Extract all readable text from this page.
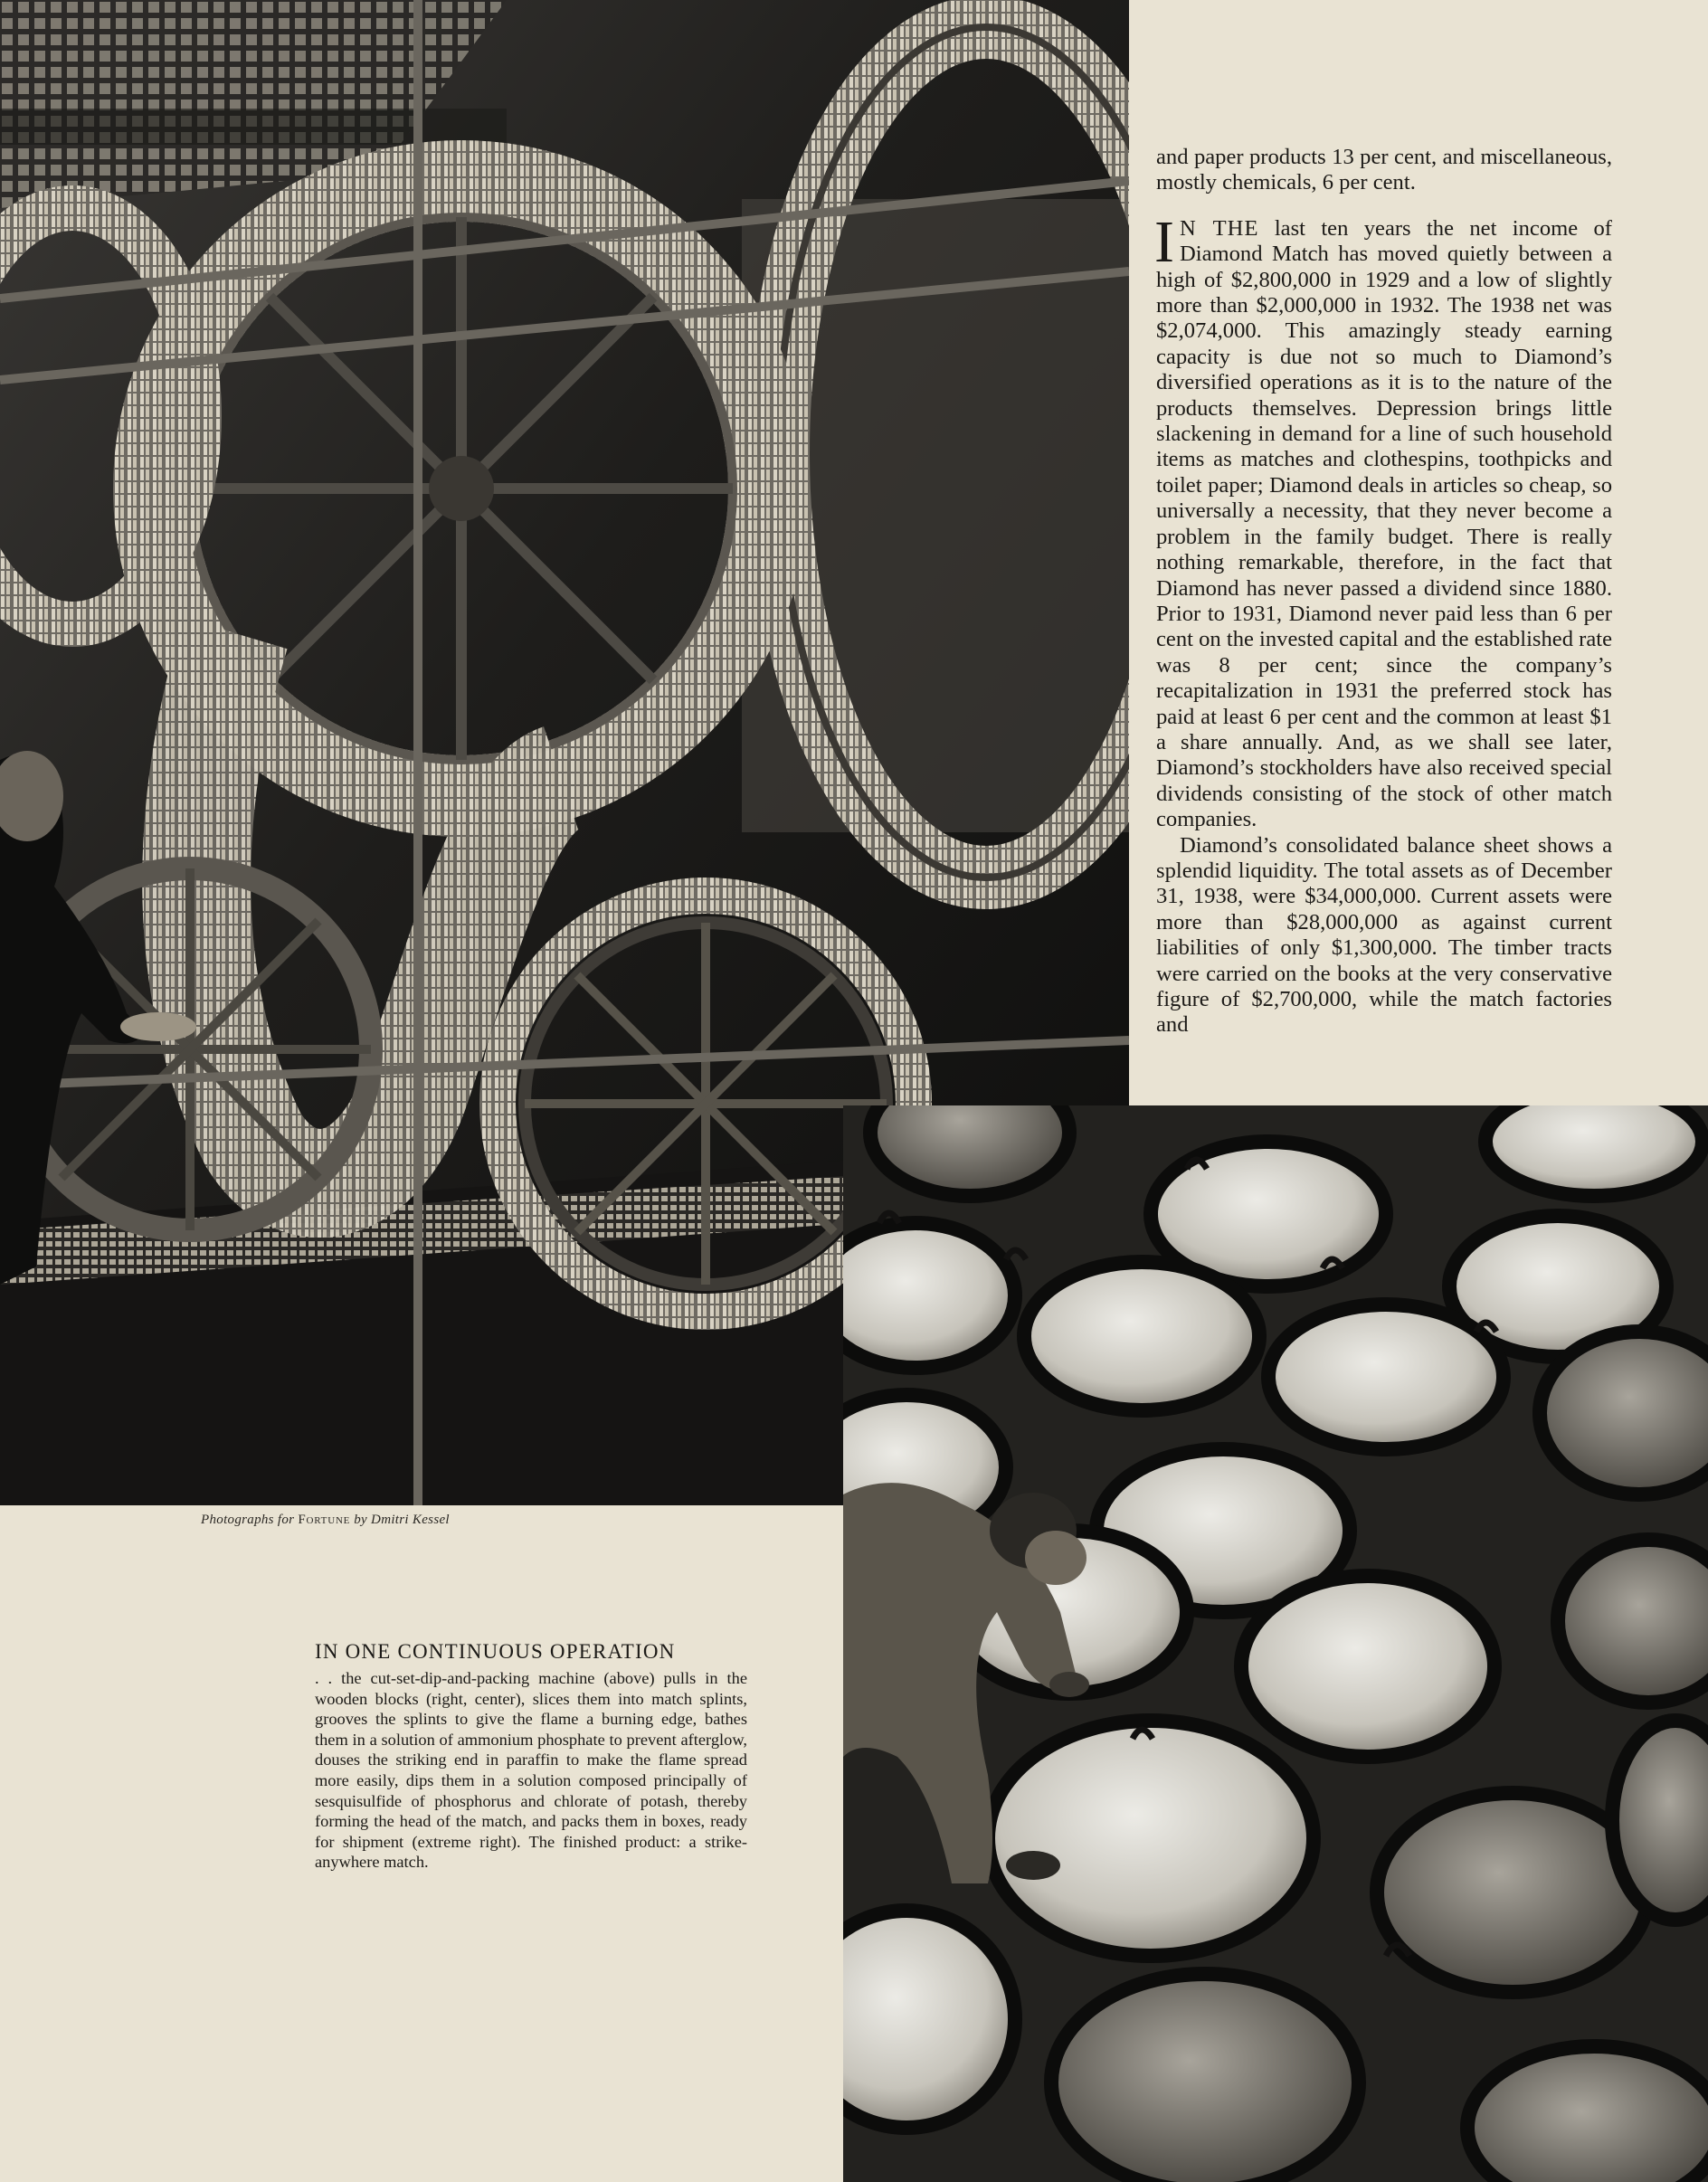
Photographs for Fortune by Dmitri Kessel

and paper products 13 per cent, and miscellaneous, mostly chemicals, 6 per cent.

I N THE last ten years the net income of Diamond Match has moved quietly between a high of $2,800,000 in 1929 and a low of slightly more than $2,000,000 in 1932. The 1938 net was $2,074,000. This amazingly steady earning capacity is due not so much to Diamond’s diversified operations as it is to the nature of the products themselves. Depression brings little slackening in demand for a line of such household items as matches and clothespins, toothpicks and toilet paper; Diamond deals in articles so cheap, so universally a necessity, that they never become a problem in the family budget. There is really nothing remarkable, therefore, in the fact that Diamond has never passed a dividend since 1880. Prior to 1931, Diamond never paid less than 6 per cent on the invested capital and the established rate was 8 per cent; since the company’s recapitalization in 1931 the preferred stock has paid at least 6 per cent and the common at least $1 a share annually. And, as we shall see later, Diamond’s stockholders have also received special dividends consisting of the stock of other match companies.

Diamond’s consolidated balance sheet shows a splendid liquidity. The total assets as of December 31, 1938, were $34,000,000. Current assets were more than $28,000,000 as against current liabilities of only $1,300,000. The timber tracts were carried on the books at the very conservative figure of $2,700,000, while the match factories and

IN ONE CONTINUOUS OPERATION

. . the cut-set-dip-and-packing machine (above) pulls in the wooden blocks (right, center), slices them into match splints, grooves the splints to give the flame a burning edge, bathes them in a solution of ammonium phosphate to prevent afterglow, douses the striking end in paraffin to make the flame spread more easily, dips them in a solution composed principally of sesquisulfide of phosphorus and chlorate of potash, thereby forming the head of the match, and packs them in boxes, ready for shipment (extreme right). The finished product: a strike-anywhere match.
